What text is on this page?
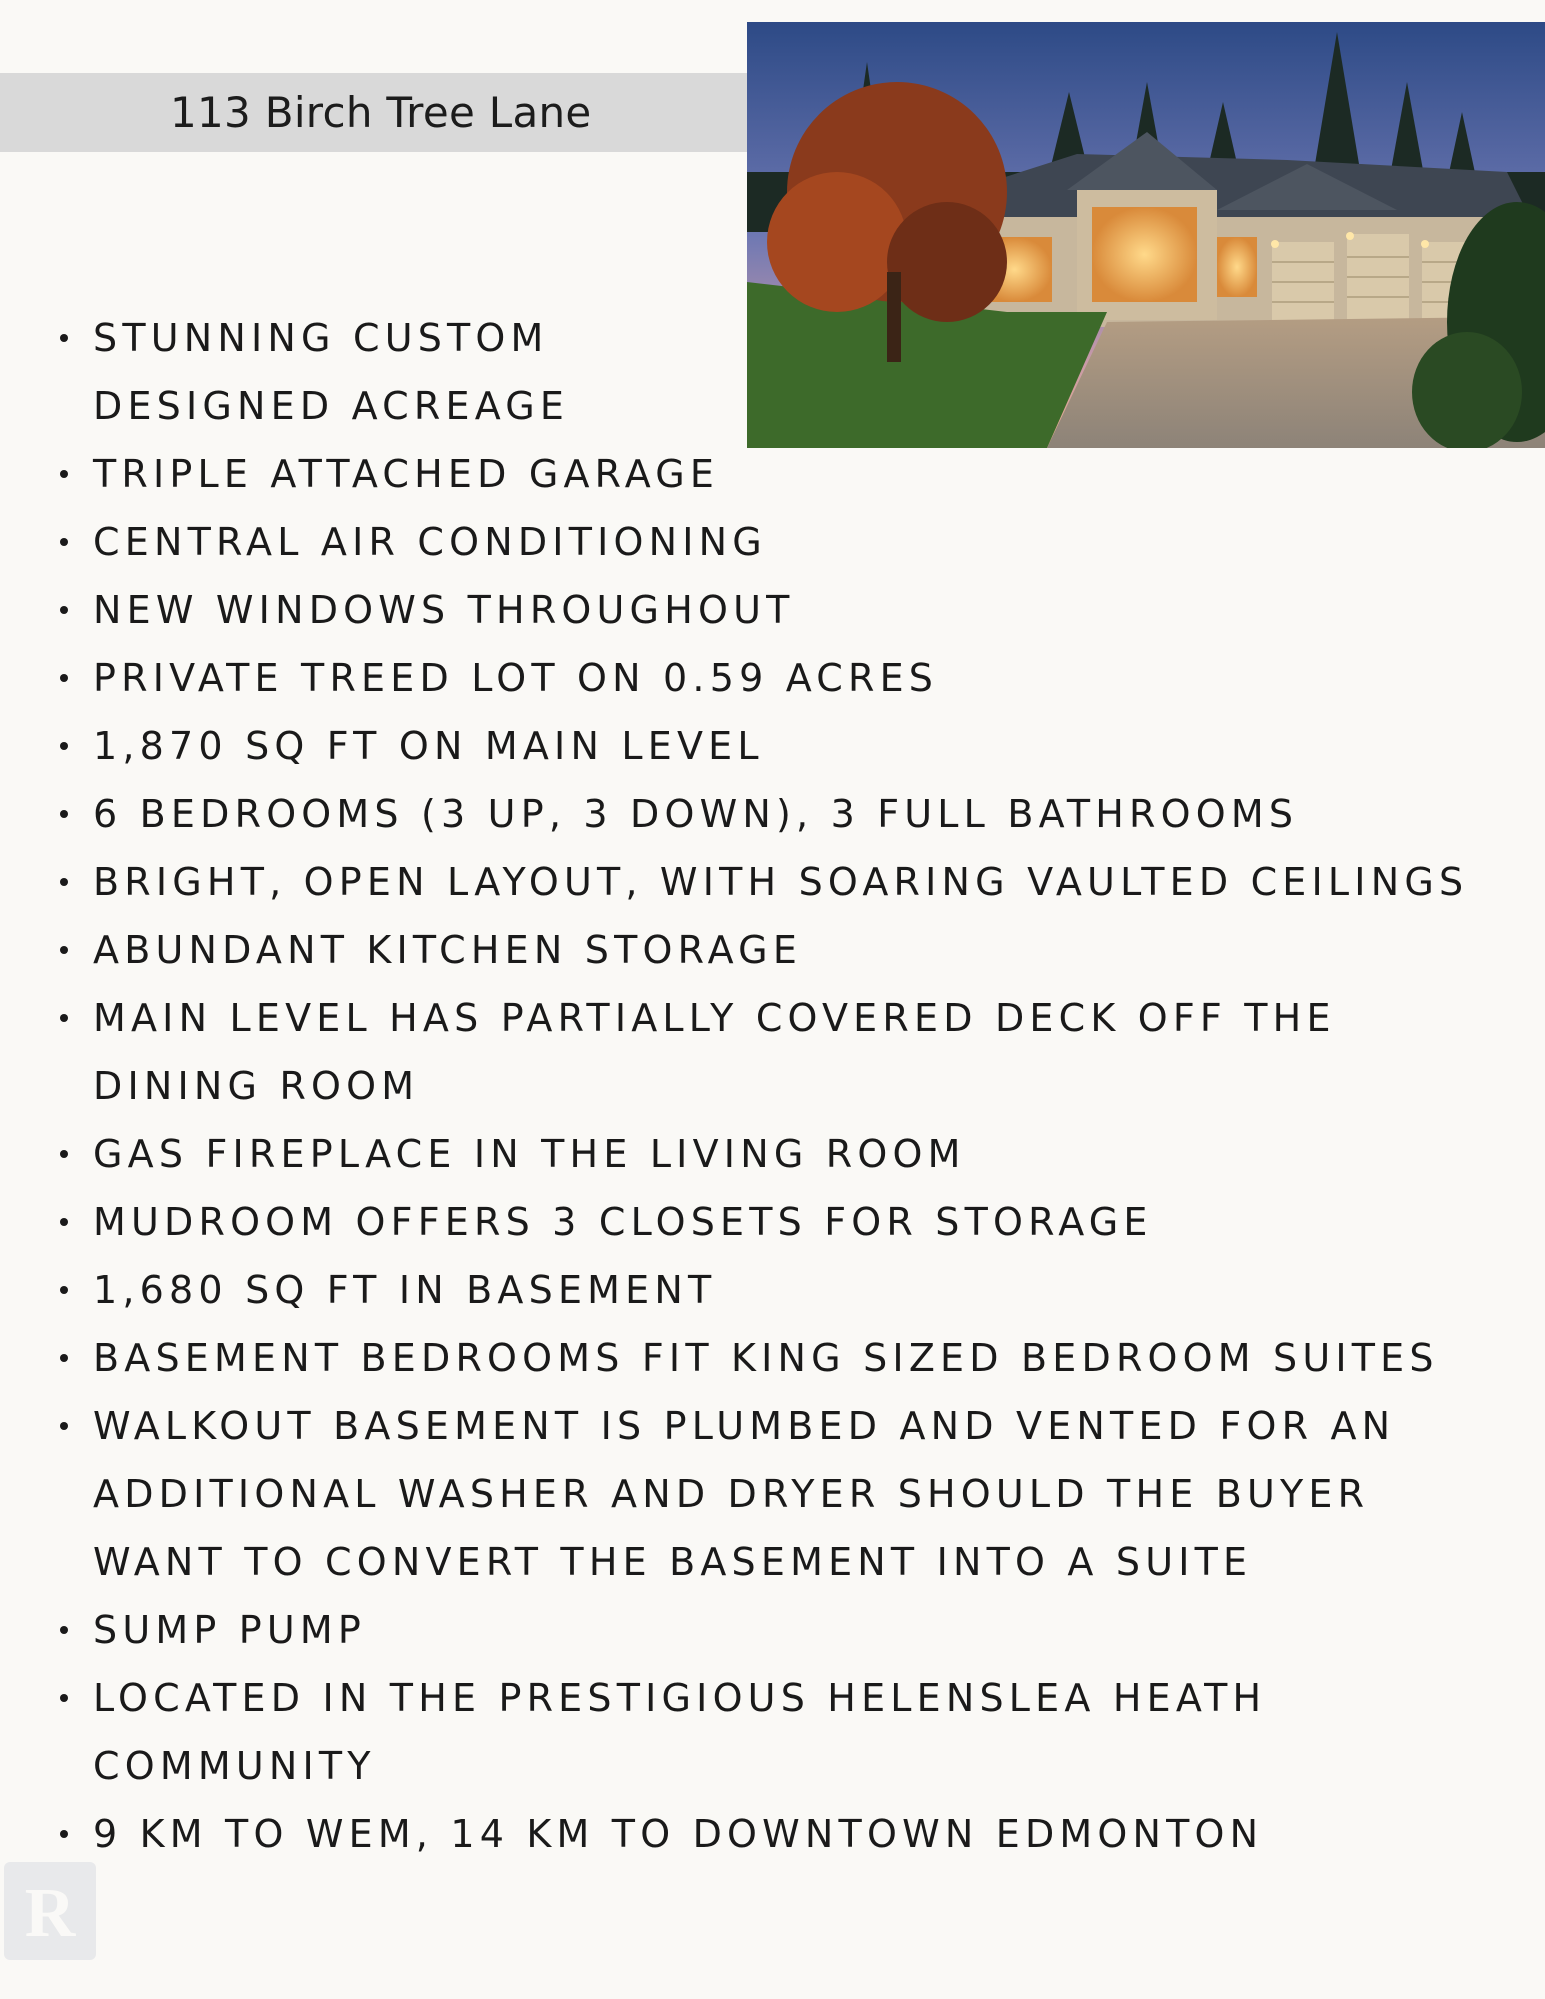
113 Birch Tree Lane
STUNNING CUSTOM
DESIGNED ACREAGE
TRIPLE ATTACHED GARAGE
CENTRAL AIR CONDITIONING
NEW WINDOWS THROUGHOUT
PRIVATE TREED LOT ON 0.59 ACRES
1,870 SQ FT ON MAIN LEVEL
6 BEDROOMS (3 UP, 3 DOWN), 3 FULL BATHROOMS
BRIGHT, OPEN LAYOUT, WITH SOARING VAULTED CEILINGS
ABUNDANT KITCHEN STORAGE
MAIN LEVEL HAS PARTIALLY COVERED DECK OFF THE
DINING ROOM
GAS FIREPLACE IN THE LIVING ROOM
MUDROOM OFFERS 3 CLOSETS FOR STORAGE
1,680 SQ FT IN BASEMENT
BASEMENT BEDROOMS FIT KING SIZED BEDROOM SUITES
WALKOUT BASEMENT IS PLUMBED AND VENTED FOR AN
ADDITIONAL WASHER AND DRYER SHOULD THE BUYER
WANT TO CONVERT THE BASEMENT INTO A SUITE
SUMP PUMP
LOCATED IN THE PRESTIGIOUS HELENSLEA HEATH
COMMUNITY
9 KM TO WEM, 14 KM TO DOWNTOWN EDMONTON
R
